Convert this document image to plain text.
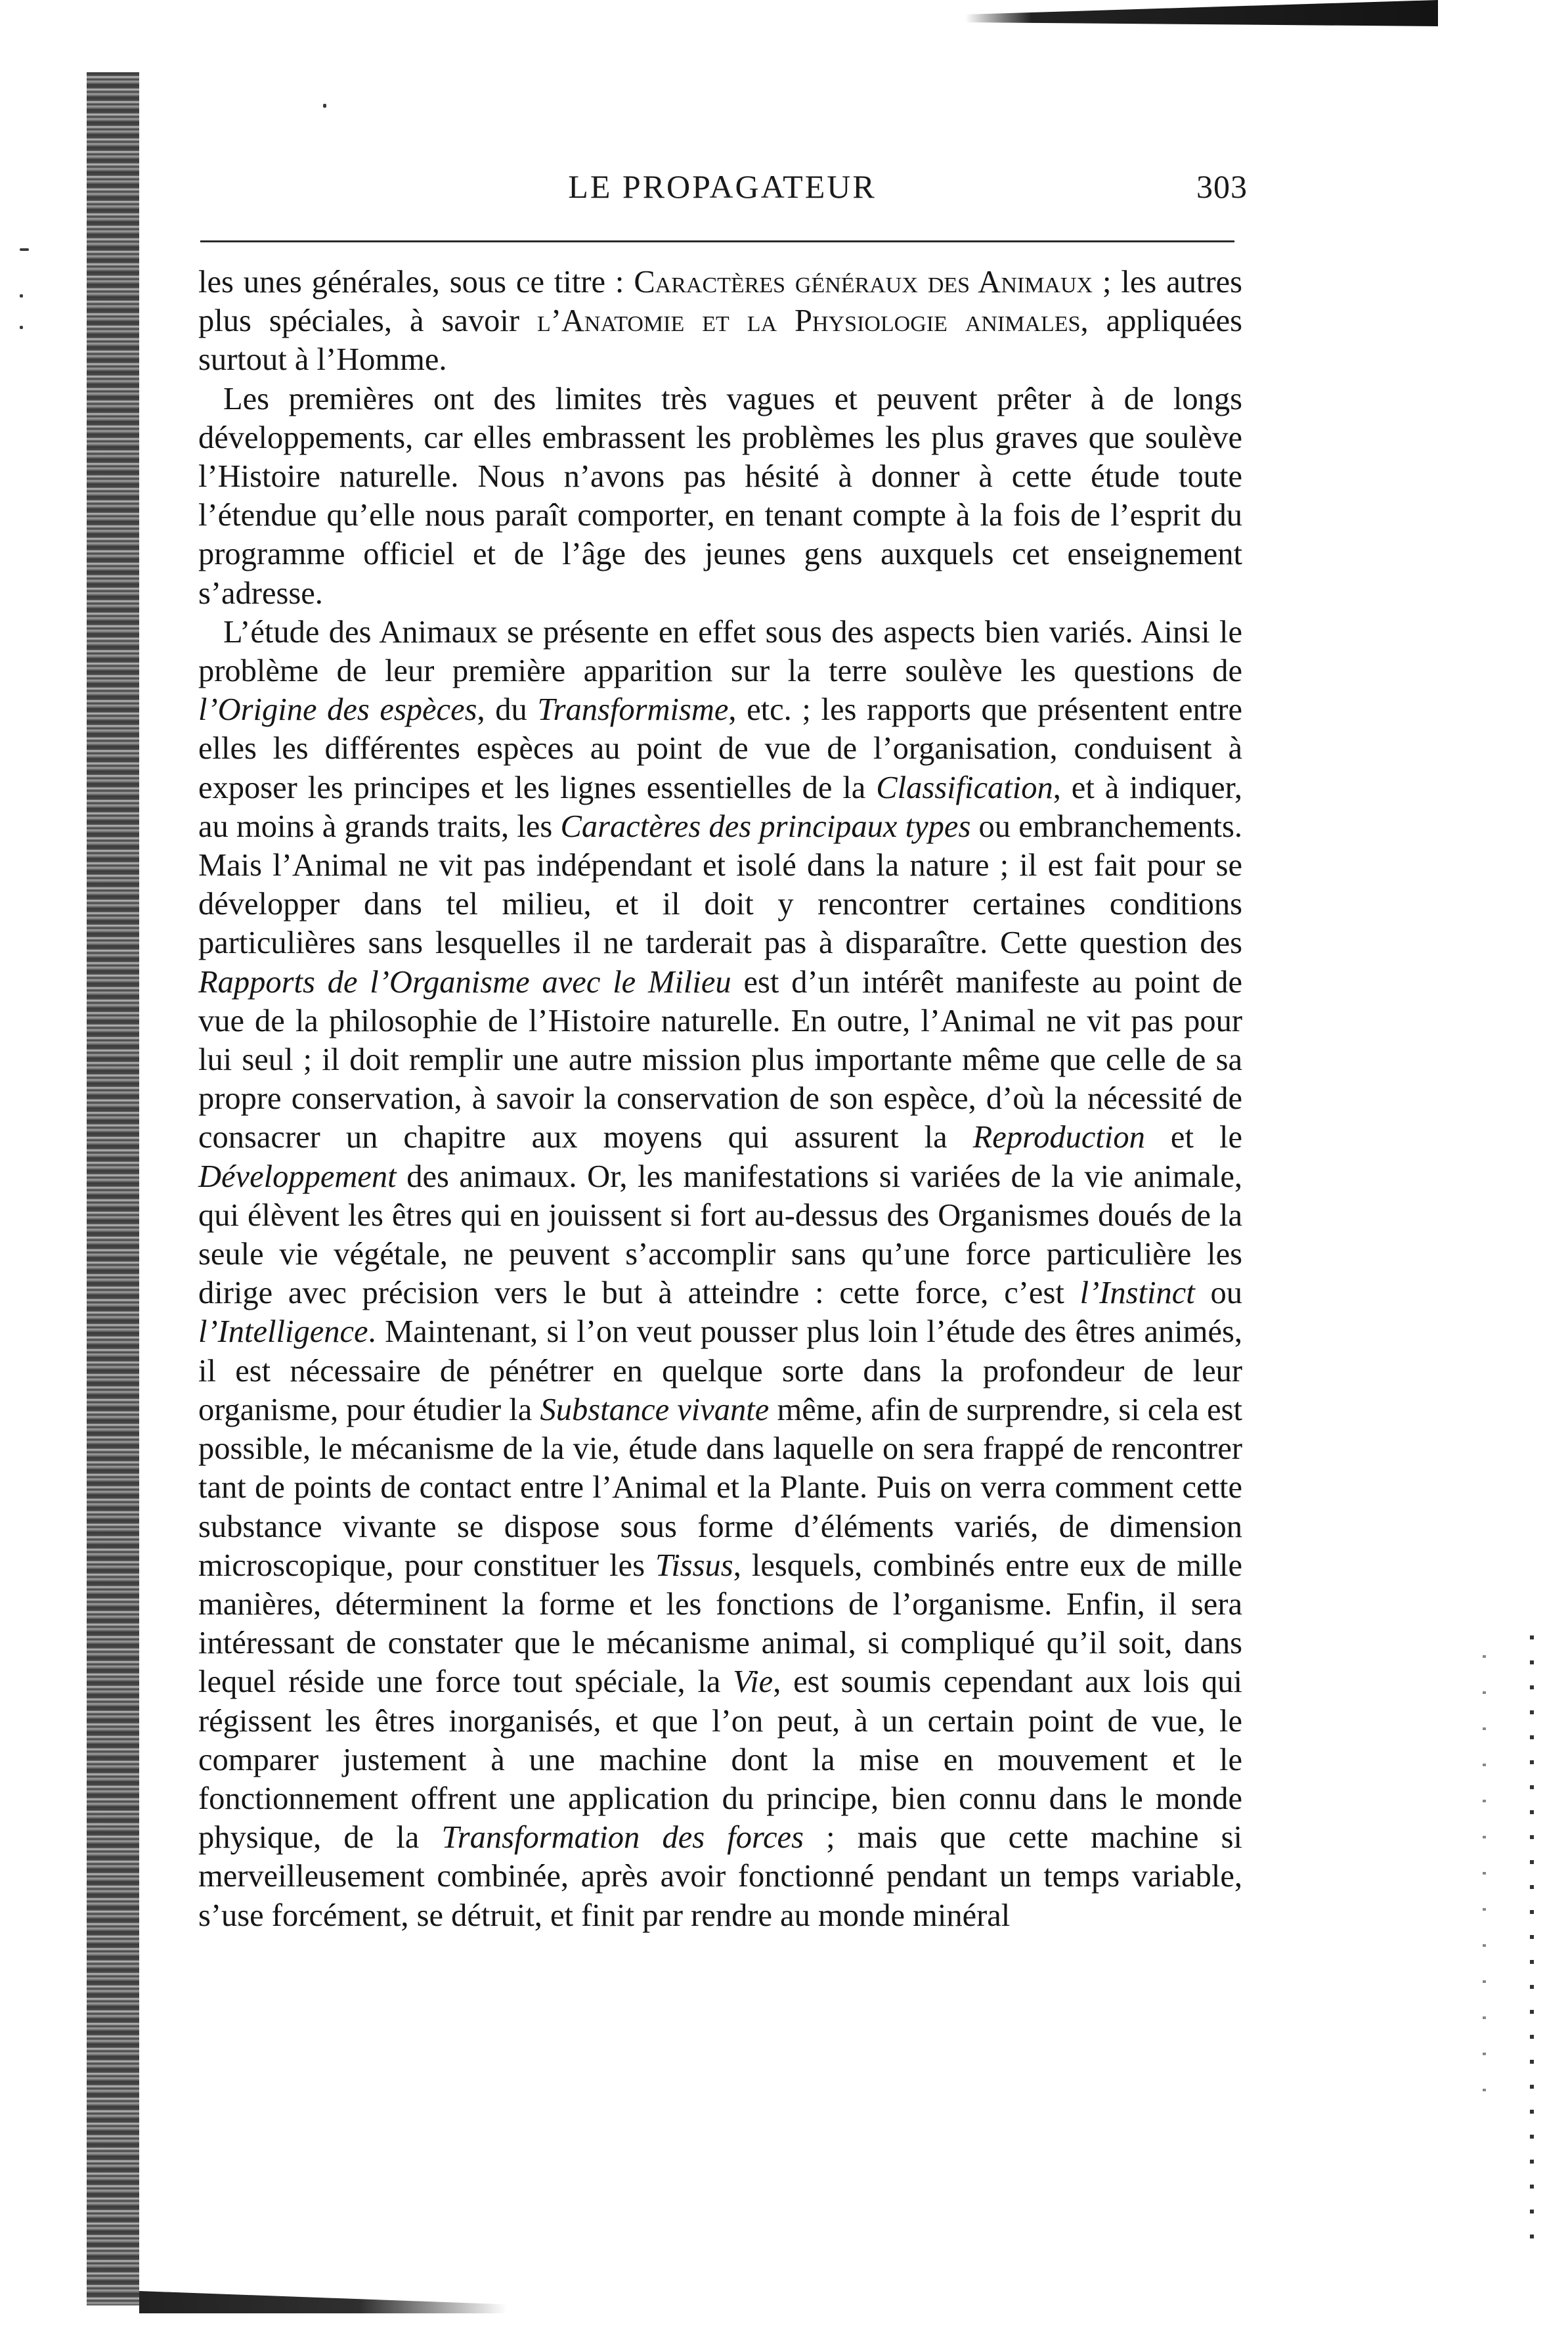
LE PROPAGATEUR	303

les unes générales, sous ce titre : Caractères généraux des Animaux ; les autres plus spéciales, à savoir l’Anatomie et la Physiologie animales, appliquées surtout à l’Homme.

Les premières ont des limites très vagues et peuvent prêter à de longs développements, car elles embrassent les problèmes les plus graves que soulève l’Histoire naturelle. Nous n’avons pas hésité à donner à cette étude toute l’étendue qu’elle nous paraît comporter, en tenant compte à la fois de l’esprit du programme officiel et de l’âge des jeunes gens auxquels cet enseignement s’adresse.

L’étude des Animaux se présente en effet sous des aspects bien variés. Ainsi le problème de leur première apparition sur la terre soulève les questions de l’Origine des espèces, du Transformisme, etc. ; les rapports que présentent entre elles les différentes espèces au point de vue de l’organisation, conduisent à exposer les principes et les lignes essentielles de la Classification, et à indiquer, au moins à grands traits, les Caractères des principaux types ou embranchements. Mais l’Animal ne vit pas indépendant et isolé dans la nature ; il est fait pour se développer dans tel milieu, et il doit y rencontrer certaines conditions particulières sans lesquelles il ne tarderait pas à disparaître. Cette question des Rapports de l’Organisme avec le Milieu est d’un intérêt manifeste au point de vue de la philosophie de l’Histoire naturelle. En outre, l’Animal ne vit pas pour lui seul ; il doit remplir une autre mission plus importante même que celle de sa propre conservation, à savoir la conservation de son espèce, d’où la nécessité de consacrer un chapitre aux moyens qui assurent la Reproduction et le Développement des animaux. Or, les manifestations si variées de la vie animale, qui élèvent les êtres qui en jouissent si fort au-dessus des Organismes doués de la seule vie végétale, ne peuvent s’accomplir sans qu’une force particulière les dirige avec précision vers le but à atteindre : cette force, c’est l’Instinct ou l’Intelligence. Maintenant, si l’on veut pousser plus loin l’étude des êtres animés, il est nécessaire de pénétrer en quelque sorte dans la profondeur de leur organisme, pour étudier la Substance vivante même, afin de surprendre, si cela est possible, le mécanisme de la vie, étude dans laquelle on sera frappé de rencontrer tant de points de contact entre l’Animal et la Plante. Puis on verra comment cette substance vivante se dispose sous forme d’éléments variés, de dimension microscopique, pour constituer les Tissus, lesquels, combinés entre eux de mille manières, déterminent la forme et les fonctions de l’organisme. Enfin, il sera intéressant de constater que le mécanisme animal, si compliqué qu’il soit, dans lequel réside une force tout spéciale, la Vie, est soumis cependant aux lois qui régissent les êtres inorganisés, et que l’on peut, à un certain point de vue, le comparer justement à une machine dont la mise en mouvement et le fonctionnement offrent une application du principe, bien connu dans le monde physique, de la Transformation des forces ; mais que cette machine si merveilleusement combinée, après avoir fonctionné pendant un temps variable, s’use forcément, se détruit, et finit par rendre au monde minéral
